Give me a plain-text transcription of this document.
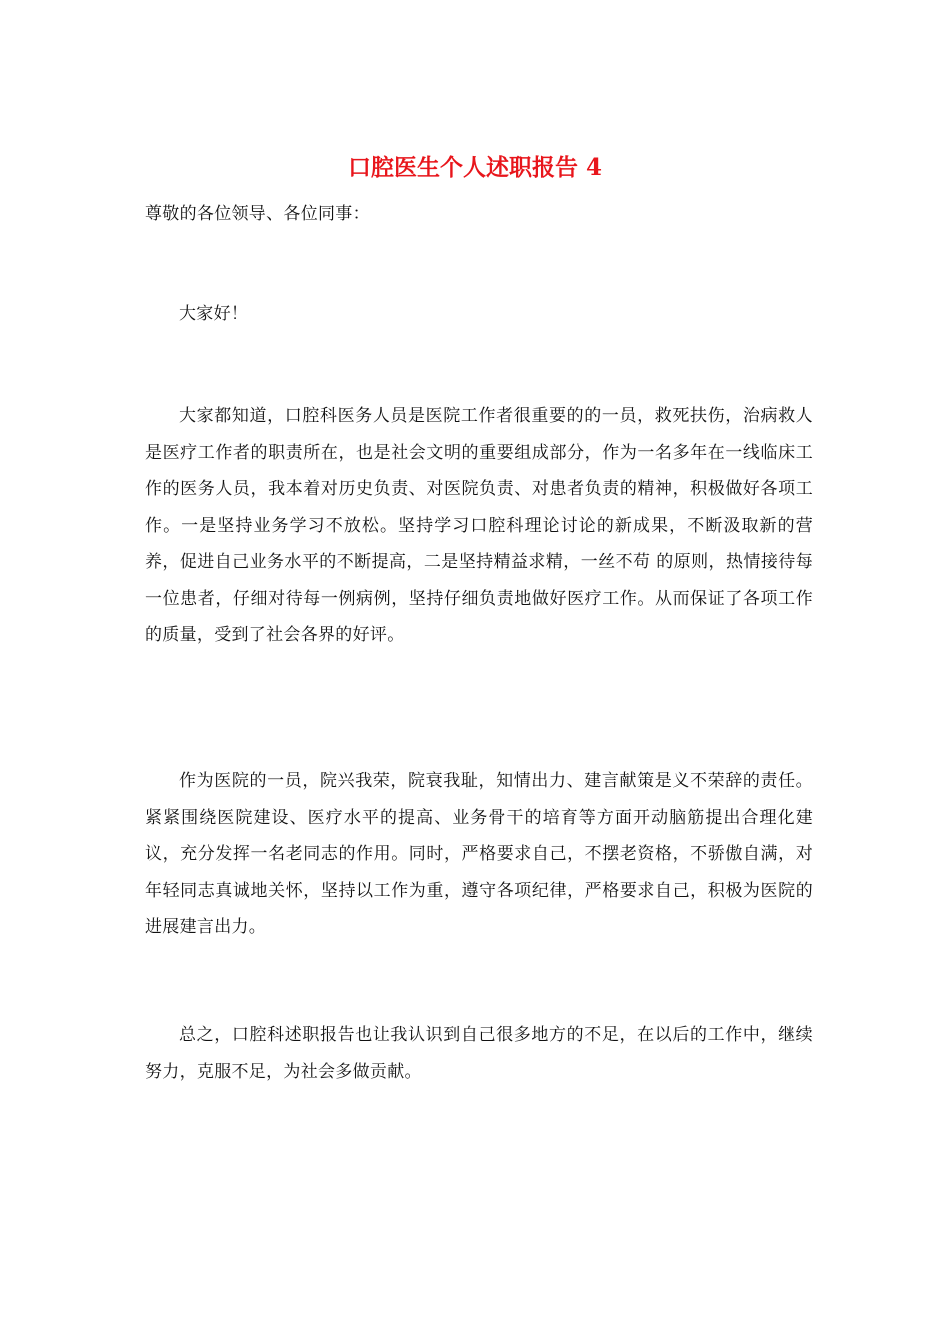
口腔医生个人述职报告 4

尊敬的各位领导、各位同事：

大家好！

大家都知道，口腔科医务人员是医院工作者很重要的的一员，救死扶伤，治病救人是医疗工作者的职责所在，也是社会文明的重要组成部分，作为一名多年在一线临床工作的医务人员，我本着对历史负责、对医院负责、对患者负责的精神，积极做好各项工作。一是坚持业务学习不放松。坚持学习口腔科理论讨论的新成果，不断汲取新的营养，促进自己业务水平的不断提高，二是坚持精益求精，一丝不苟 的原则，热情接待每一位患者，仔细对待每一例病例，坚持仔细负责地做好医疗工作。从而保证了各项工作的质量，受到了社会各界的好评。

作为医院的一员，院兴我荣，院衰我耻，知情出力、建言献策是义不荣辞的责任。紧紧围绕医院建设、医疗水平的提高、业务骨干的培育等方面开动脑筋提出合理化建议，充分发挥一名老同志的作用。同时，严格要求自己，不摆老资格，不骄傲自满，对年轻同志真诚地关怀，坚持以工作为重，遵守各项纪律，严格要求自己，积极为医院的进展建言出力。

总之，口腔科述职报告也让我认识到自己很多地方的不足，在以后的工作中，继续努力，克服不足，为社会多做贡献。
